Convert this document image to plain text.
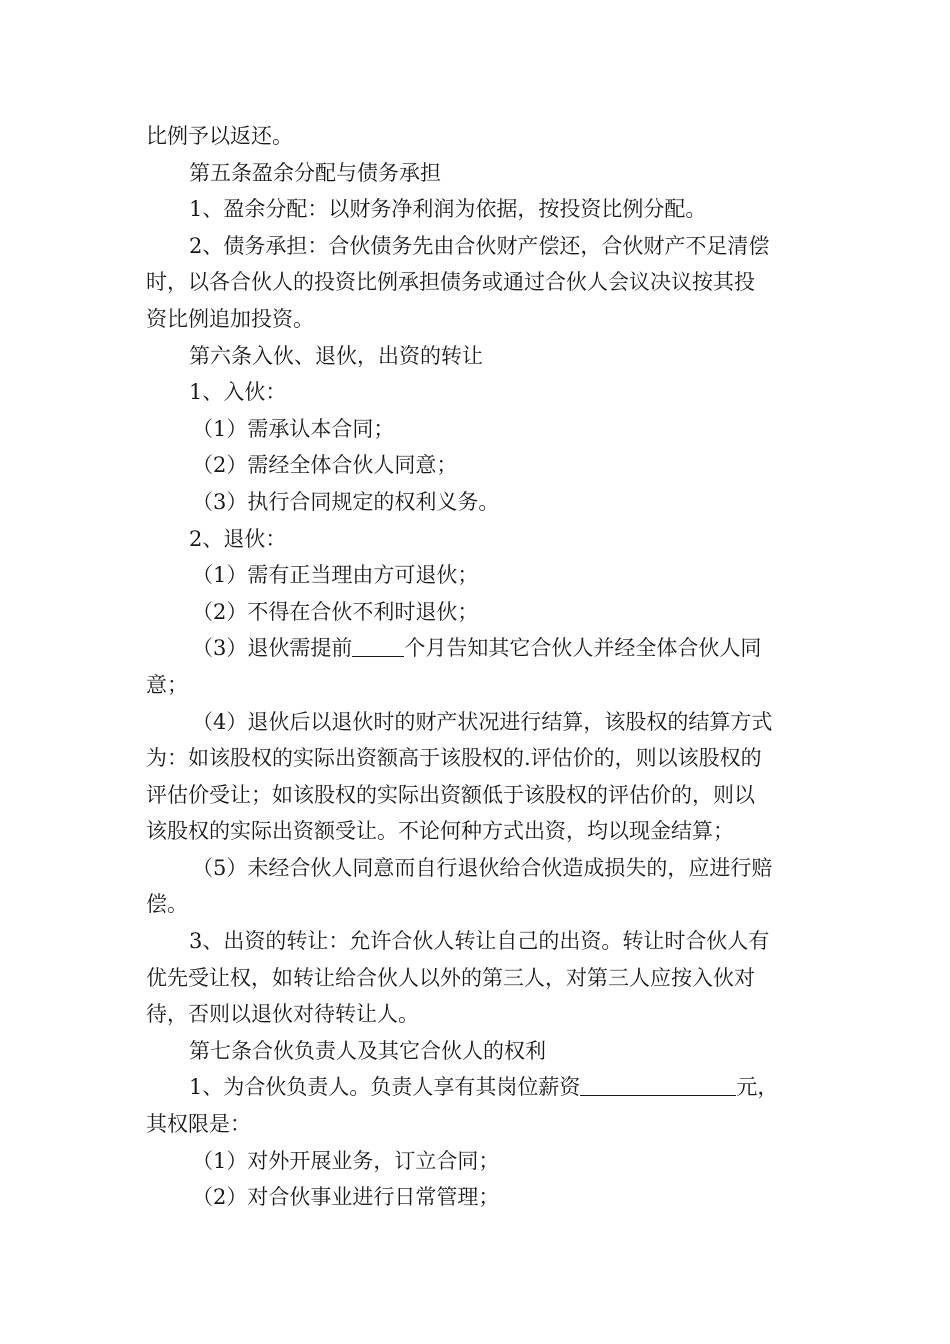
比例予以返还。

第五条盈余分配与债务承担

1、盈余分配：以财务净利润为依据，按投资比例分配。

2、债务承担：合伙债务先由合伙财产偿还，合伙财产不足清偿

时，以各合伙人的投资比例承担债务或通过合伙人会议决议按其投

资比例追加投资。

第六条入伙、退伙，出资的转让

1、入伙：

（1）需承认本合同；

（2）需经全体合伙人同意；

（3）执行合同规定的权利义务。

2、退伙：

（1）需有正当理由方可退伙；

（2）不得在合伙不利时退伙；

（3）退伙需提前 个月告知其它合伙人并经全体合伙人同

意；

（4）退伙后以退伙时的财产状况进行结算，该股权的结算方式

为：如该股权的实际出资额高于该股权的.评估价的，则以该股权的

评估价受让；如该股权的实际出资额低于该股权的评估价的，则以

该股权的实际出资额受让。不论何种方式出资，均以现金结算；

（5）未经合伙人同意而自行退伙给合伙造成损失的，应进行赔

偿。

3、出资的转让：允许合伙人转让自己的出资。转让时合伙人有

优先受让权，如转让给合伙人以外的第三人，对第三人应按入伙对

待，否则以退伙对待转让人。

第七条合伙负责人及其它合伙人的权利

1、为合伙负责人。负责人享有其岗位薪资	元，

其权限是：

（1）对外开展业务，订立合同；

（2）对合伙事业进行日常管理；
